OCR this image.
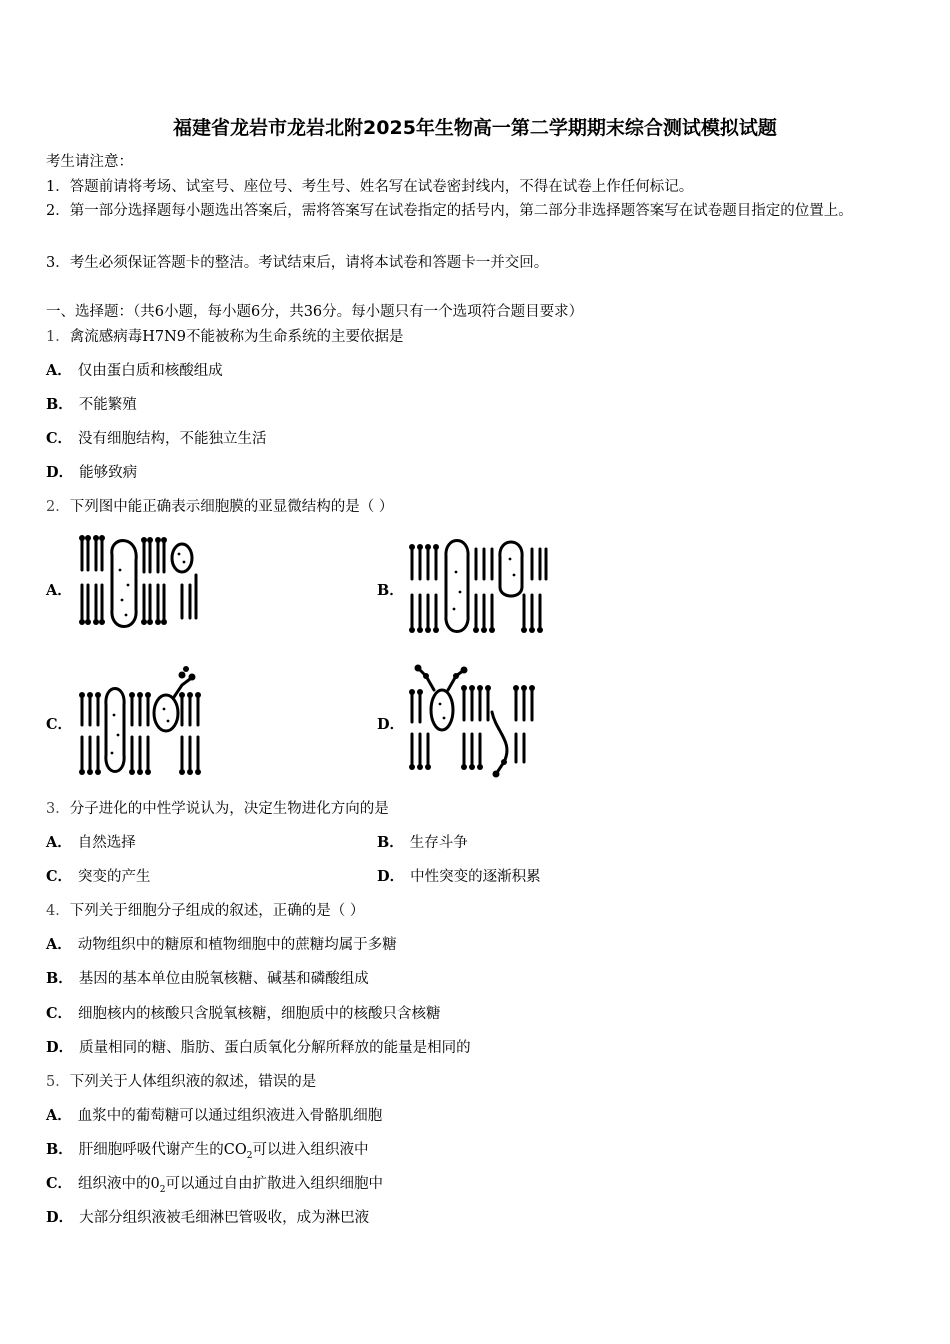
福建省龙岩市龙岩北附2025年生物高一第二学期期末综合测试模拟试题
考生请注意：
1．答题前请将考场、试室号、座位号、考生号、姓名写在试卷密封线内，不得在试卷上作任何标记。
2．第一部分选择题每小题选出答案后，需将答案写在试卷指定的括号内，第二部分非选择题答案写在试卷题目指定的位置上。
3．考生必须保证答题卡的整洁。考试结束后，请将本试卷和答题卡一并交回。
一、选择题：（共6小题，每小题6分，共36分。每小题只有一个选项符合题目要求）
1．禽流感病毒H7N9不能被称为生命系统的主要依据是
A． 仅由蛋白质和核酸组成
B． 不能繁殖
C． 没有细胞结构，不能独立生活
D． 能够致病
2．下列图中能正确表示细胞膜的亚显微结构的是（ ）
A．	B．
C．	D．
3．分子进化的中性学说认为，决定生物进化方向的是
A． 自然选择	B． 生存斗争
C． 突变的产生	D． 中性突变的逐渐积累
4．下列关于细胞分子组成的叙述，正确的是（ ）
A． 动物组织中的糖原和植物细胞中的蔗糖均属于多糖
B． 基因的基本单位由脱氧核糖、碱基和磷酸组成
C． 细胞核内的核酸只含脱氧核糖，细胞质中的核酸只含核糖
D． 质量相同的糖、脂肪、蛋白质氧化分解所释放的能量是相同的
5．下列关于人体组织液的叙述，错误的是
A． 血浆中的葡萄糖可以通过组织液进入骨骼肌细胞
B． 肝细胞呼吸代谢产生的$CO_2$可以进入组织液中
C． 组织液中的$0_2$可以通过自由扩散进入组织细胞中
D． 大部分组织液被毛细淋巴管吸收，成为淋巴液
